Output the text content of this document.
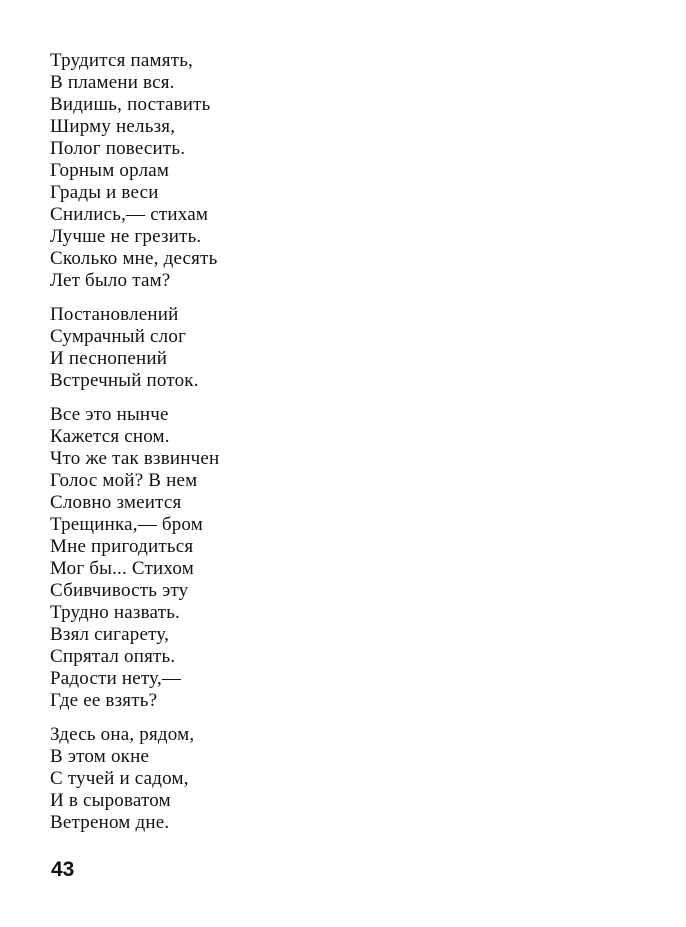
Трудится память,
В пламени вся.
Видишь, поставить
Ширму нельзя,
Полог повесить.
Горным орлам
Грады и веси
Снились,— стихам
Лучше не грезить.
Сколько мне, десять
Лет было там?
Постановлений
Сумрачный слог
И песнопений
Встречный поток.
Все это нынче
Кажется сном.
Что же так взвинчен
Голос мой? В нем
Словно змеится
Трещинка,— бром
Мне пригодиться
Мог бы... Стихом
Сбивчивость эту
Трудно назвать.
Взял сигарету,
Спрятал опять.
Радости нету,—
Где ее взять?
Здесь она, рядом,
В этом окне
С тучей и садом,
И в сыроватом
Ветреном дне.
43
